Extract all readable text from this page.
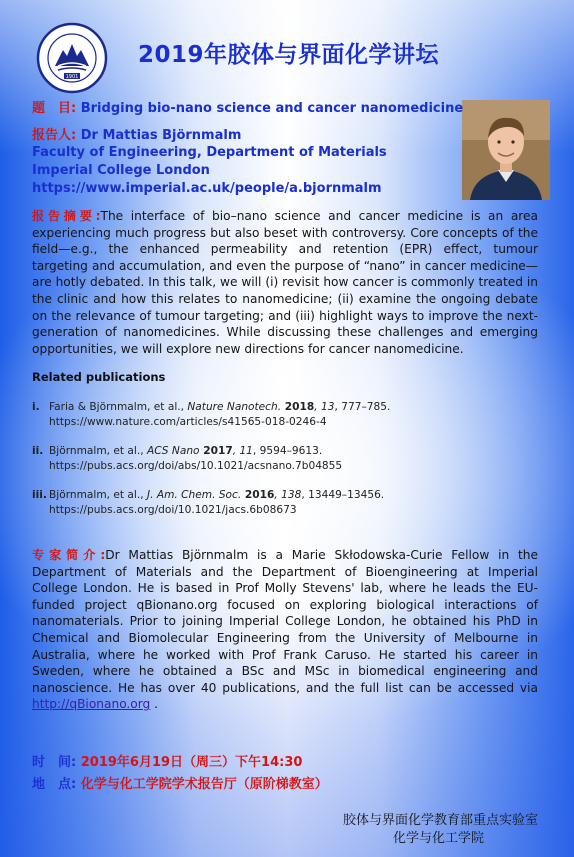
1901
2019年胶体与界面化学讲坛
题　目: Bridging bio-nano science and cancer nanomedicine
报告人: Dr Mattias Björnmalm
Faculty of Engineering, Department of Materials
Imperial College London
https://www.imperial.ac.uk/people/a.bjornmalm
报告摘要:The interface of bio–nano science and cancer medicine is an area experiencing much progress but also beset with controversy. Core concepts of the field—e.g., the enhanced permeability and retention (EPR) effect, tumour targeting and accumulation, and even the purpose of “nano” in cancer medicine—are hotly debated. In this talk, we will (i) revisit how cancer is commonly treated in the clinic and how this relates to nanomedicine; (ii) examine the ongoing debate on the relevance of tumour targeting; and (iii) highlight ways to improve the next-generation of nanomedicines. While discussing these challenges and emerging opportunities, we will explore new directions for cancer nanomedicine.
Related publications
i. Faria & Björnmalm, et al., Nature Nanotech. 2018, 13, 777–785.
https://www.nature.com/articles/s41565-018-0246-4
ii. Björnmalm, et al., ACS Nano 2017, 11, 9594–9613.
https://pubs.acs.org/doi/abs/10.1021/acsnano.7b04855
iii. Björnmalm, et al., J. Am. Chem. Soc. 2016, 138, 13449–13456.
https://pubs.acs.org/doi/10.1021/jacs.6b08673
专家简介:Dr Mattias Björnmalm is a Marie Skłodowska-Curie Fellow in the Department of Materials and the Department of Bioengineering at Imperial College London. He is based in Prof Molly Stevens' lab, where he leads the EU-funded project qBionano.org focused on exploring biological interactions of nanomaterials. Prior to joining Imperial College London, he obtained his PhD in Chemical and Biomolecular Engineering from the University of Melbourne in Australia, where he worked with Prof Frank Caruso. He started his career in Sweden, where he obtained a BSc and MSc in biomedical engineering and nanoscience. He has over 40 publications, and the full list can be accessed via http://qBionano.org .
时　间: 2019年6月19日（周三）下午14:30
地　点: 化学与化工学院学术报告厅（原阶梯教室）
胶体与界面化学教育部重点实验室
化学与化工学院
